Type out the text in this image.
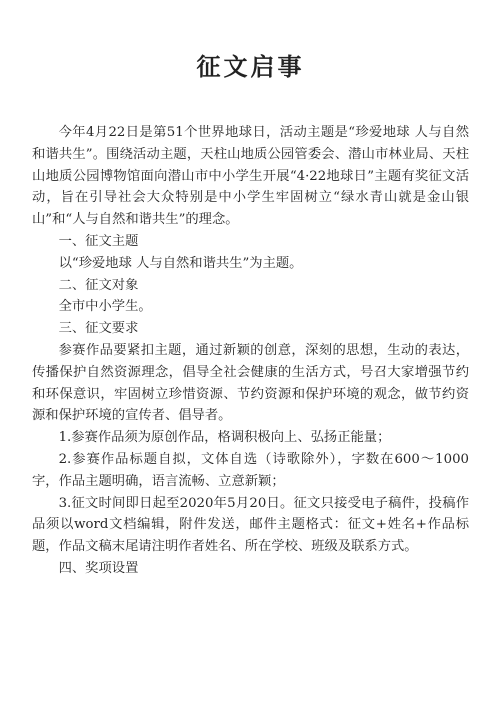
征文启事

今年4月22日是第51个世界地球日，活动主题是“珍爱地球 人与自然和谐共生”。围绕活动主题，天柱山地质公园管委会、潜山市林业局、天柱山地质公园博物馆面向潜山市中小学生开展“4·22地球日”主题有奖征文活动，旨在引导社会大众特别是中小学生牢固树立“绿水青山就是金山银山”和“人与自然和谐共生”的理念。

一、征文主题

以“珍爱地球 人与自然和谐共生”为主题。

二、征文对象

全市中小学生。

三、征文要求

参赛作品要紧扣主题，通过新颖的创意，深刻的思想，生动的表达，传播保护自然资源理念，倡导全社会健康的生活方式，号召大家增强节约和环保意识，牢固树立珍惜资源、节约资源和保护环境的观念，做节约资源和保护环境的宣传者、倡导者。

1.参赛作品须为原创作品，格调积极向上、弘扬正能量；

2.参赛作品标题自拟，文体自选（诗歌除外），字数在600～1000字，作品主题明确，语言流畅、立意新颖；

3.征文时间即日起至2020年5月20日。征文只接受电子稿件，投稿作品须以word文档编辑，附件发送，邮件主题格式：征文+姓名+作品标题，作品文稿末尾请注明作者姓名、所在学校、班级及联系方式。

四、奖项设置
